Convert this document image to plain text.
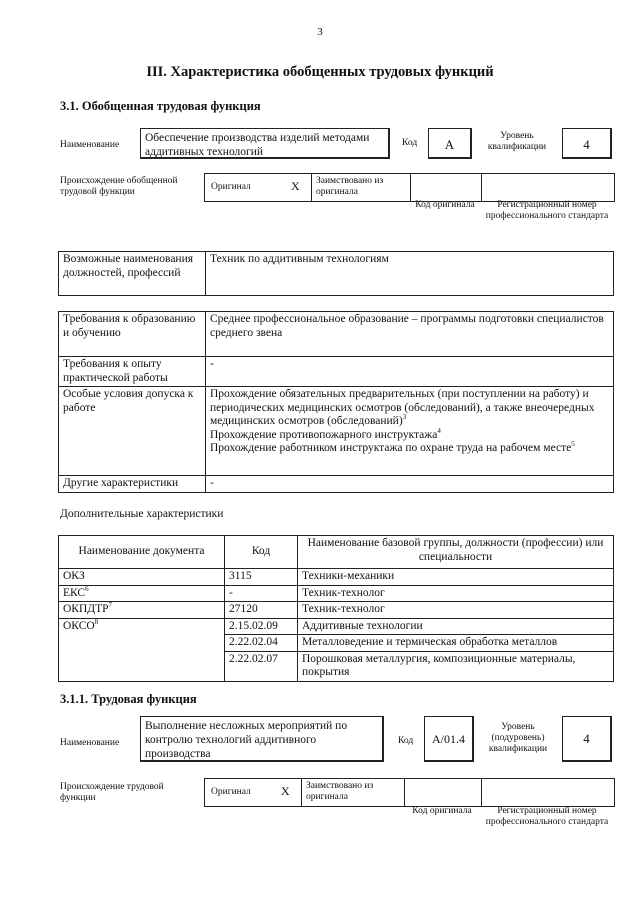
3
III. Характеристика обобщенных трудовых функций
3.1. Обобщенная трудовая функция
Наименование
Обеспечение производства изделий методами аддитивных технологий
Код	A
Уровень квалификации	4
Происхождение обобщенной трудовой функции	Оригинал	X Заимствовано из оригинала
Код оригинала	Регистрационный номер профессионального стандарта
Возможные наименования должностей, профессий	Техник по аддитивным технологиям
Требования к образованию и обучению	Среднее профессиональное образование – программы подготовки специалистов среднего звена
Требования к опыту практической работы	-
Особые условия допуска к работе	Прохождение обязательных предварительных (при поступлении на работу) и периодических медицинских осмотров (обследований), а также внеочередных медицинских осмотров (обследований)$^3$
Прохождение противопожарного инструктажа$^4$
Прохождение работником инструктажа по охране труда на рабочем месте$^5$
Другие характеристики	-
Дополнительные характеристики
Наименование документа	Код	Наименование базовой группы, должности (профессии) или специальности
ОКЗ	3115	Техники-механики
ЕКС$^6$	-	Техник-технолог
ОКПДТР$^7$	27120	Техник-технолог
ОКСО$^8$	2.15.02.09	Аддитивные технологии
	2.22.02.04	Металловедение и термическая обработка металлов
	2.22.02.07	Порошковая металлургия, композиционные материалы, покрытия
3.1.1. Трудовая функция
Наименование
Выполнение несложных мероприятий по контролю технологий аддитивного производства
Код	A/01.4
Уровень (подуровень) квалификации
4
Происхождение трудовой функции
Оригинал	X Заимствовано из оригинала
Код оригинала	Регистрационный номер профессионального стандарта
